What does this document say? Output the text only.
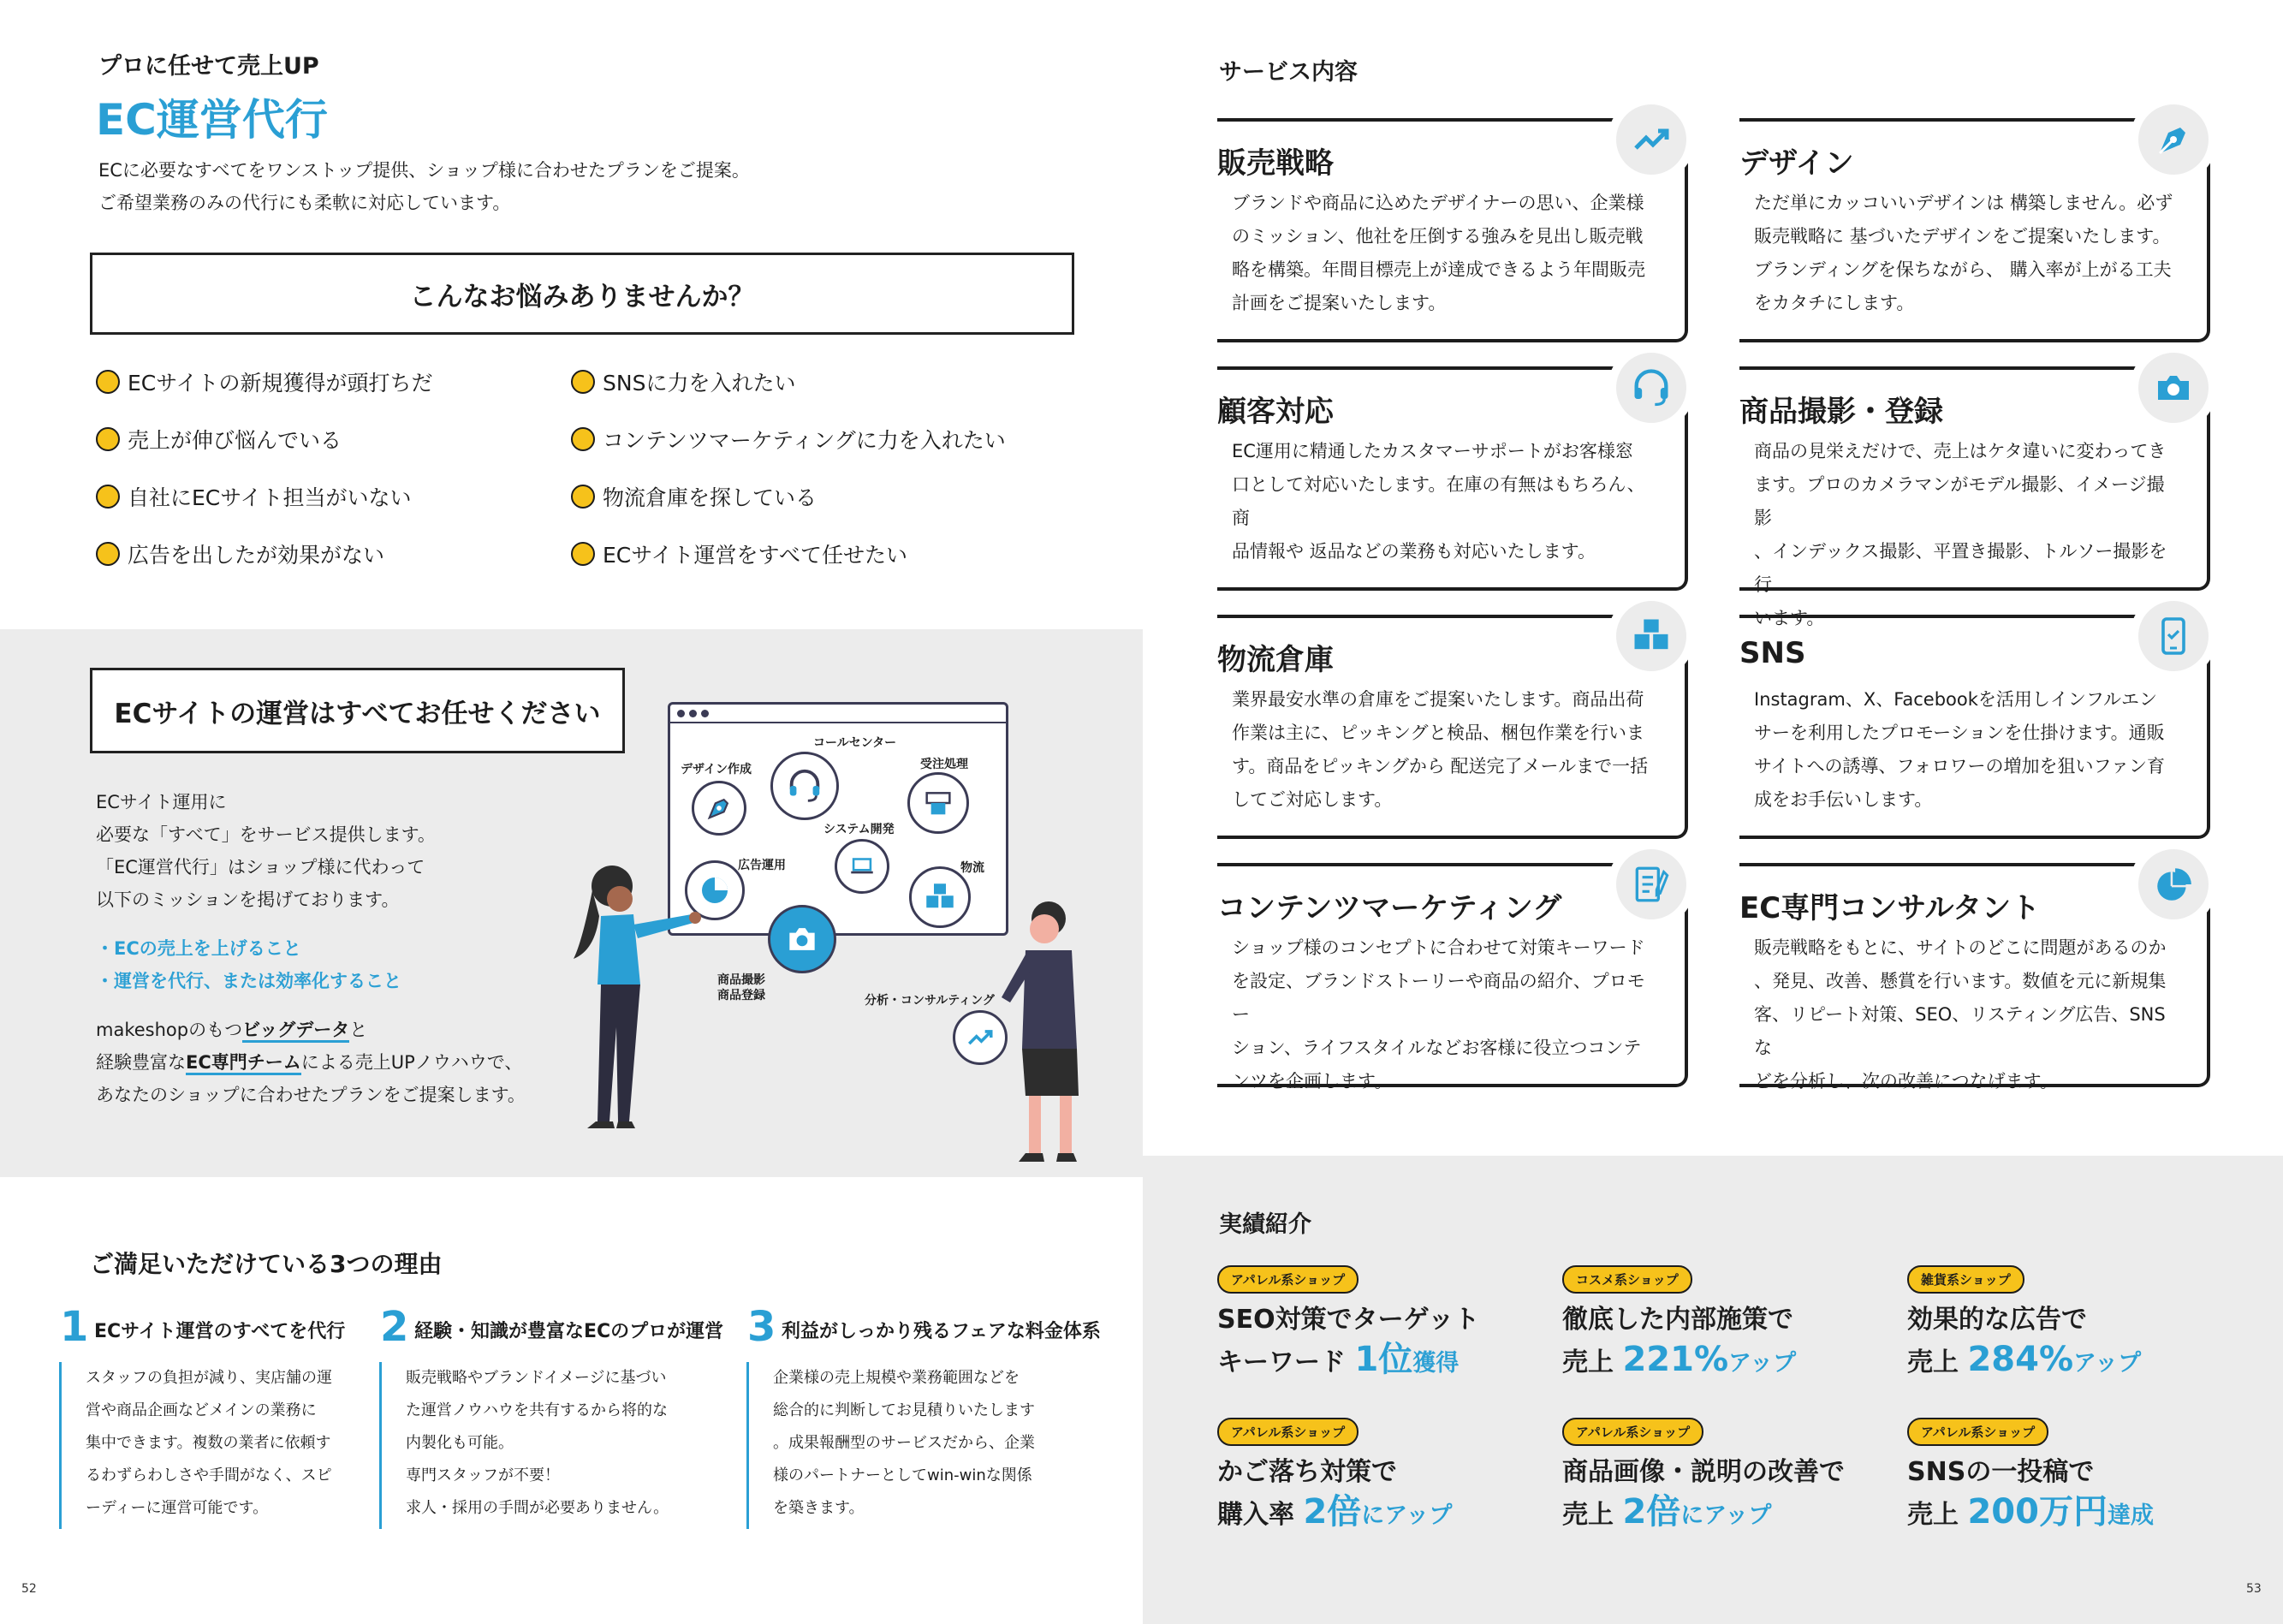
プロに任せて売上UP
EC運営代行
ECに必要なすべてをワンストップ提供、ショップ様に合わせたプランをご提案。
ご希望業務のみの代行にも柔軟に対応しています。
こんなお悩みありませんか？
ECサイトの新規獲得が頭打ちだ	SNSに力を入れたい
売上が伸び悩んでいる	コンテンツマーケティングに力を入れたい
自社にECサイト担当がいない	物流倉庫を探している
広告を出したが効果がない	ECサイト運営をすべて任せたい
ECサイトの運営はすべてお任せください
ECサイト運用に
必要な「すべて」をサービス提供します。
「EC運営代行」はショップ様に代わって
以下のミッションを掲げております。
・ECの売上を上げること
・運営を代行、または効率化すること
makeshopのもつビッグデータと
経験豊富なEC専門チームによる売上UPノウハウで、
あなたのショップに合わせたプランをご提案します。
デザイン作成
コールセンター
受注処理
システム開発
広告運用	物流
商品撮影
商品登録	分析・コンサルティング
ご満足いただけている3つの理由
1 ECサイト運営のすべてを代行
スタッフの負担が減り、実店舗の運
営や商品企画などメインの業務に
集中できます。複数の業者に依頼す
るわずらわしさや手間がなく、スピ
ーディーに運営可能です。
2 経験・知識が豊富なECのプロが運営
販売戦略やブランドイメージに基づい
た運営ノウハウを共有するから将的な
内製化も可能。
専門スタッフが不要！
求人・採用の手間が必要ありません。
3 利益がしっかり残るフェアな料金体系
企業様の売上規模や業務範囲などを
総合的に判断してお見積りいたします
。成果報酬型のサービスだから、企業
様のパートナーとしてwin-winな関係
を築きます。
52
サービス内容
販売戦略
ブランドや商品に込めたデザイナーの思い、企業様
のミッション、他社を圧倒する強みを見出し販売戦
略を構築。年間目標売上が達成できるよう年間販売
計画をご提案いたします。
デザイン
ただ単にカッコいいデザインは 構築しません。必ず
販売戦略に 基づいたデザインをご提案いたします。
ブランディングを保ちながら、 購入率が上がる工夫
をカタチにします。
顧客対応
EC運用に精通したカスタマーサポートがお客様窓
口として対応いたします。在庫の有無はもちろん、商
品情報や 返品などの業務も対応いたします。
商品撮影・登録
商品の見栄えだけで、売上はケタ違いに変わってき
ます。プロのカメラマンがモデル撮影、イメージ撮影
、インデックス撮影、平置き撮影、トルソー撮影を行
います。
物流倉庫
業界最安水準の倉庫をご提案いたします。商品出荷
作業は主に、ピッキングと検品、梱包作業を行いま
す。商品をピッキングから 配送完了メールまで一括
してご対応します。
SNS
Instagram、X、Facebookを活用しインフルエン
サーを利用したプロモーションを仕掛けます。通販
サイトへの誘導、フォロワーの増加を狙いファン育
成をお手伝いします。
コンテンツマーケティング
ショップ様のコンセプトに合わせて対策キーワード
を設定、ブランドストーリーや商品の紹介、プロモー
ション、ライフスタイルなどお客様に役立つコンテ
ンツを企画します。
EC専門コンサルタント
販売戦略をもとに、サイトのどこに問題があるのか
、発見、改善、懸賞を行います。数値を元に新規集
客、リピート対策、SEO、リスティング広告、SNSな
どを分析し、次の改善につなげます。
実績紹介
アパレル系ショップ
SEO対策でターゲット
キーワード 1位獲得
コスメ系ショップ
徹底した内部施策で
売上 221%アップ
雑貨系ショップ
効果的な広告で
売上 284%アップ
アパレル系ショップ
かご落ち対策で
購入率 2倍にアップ
アパレル系ショップ
商品画像・説明の改善で
売上 2倍にアップ
アパレル系ショップ
SNSの一投稿で
売上 200万円達成
53
